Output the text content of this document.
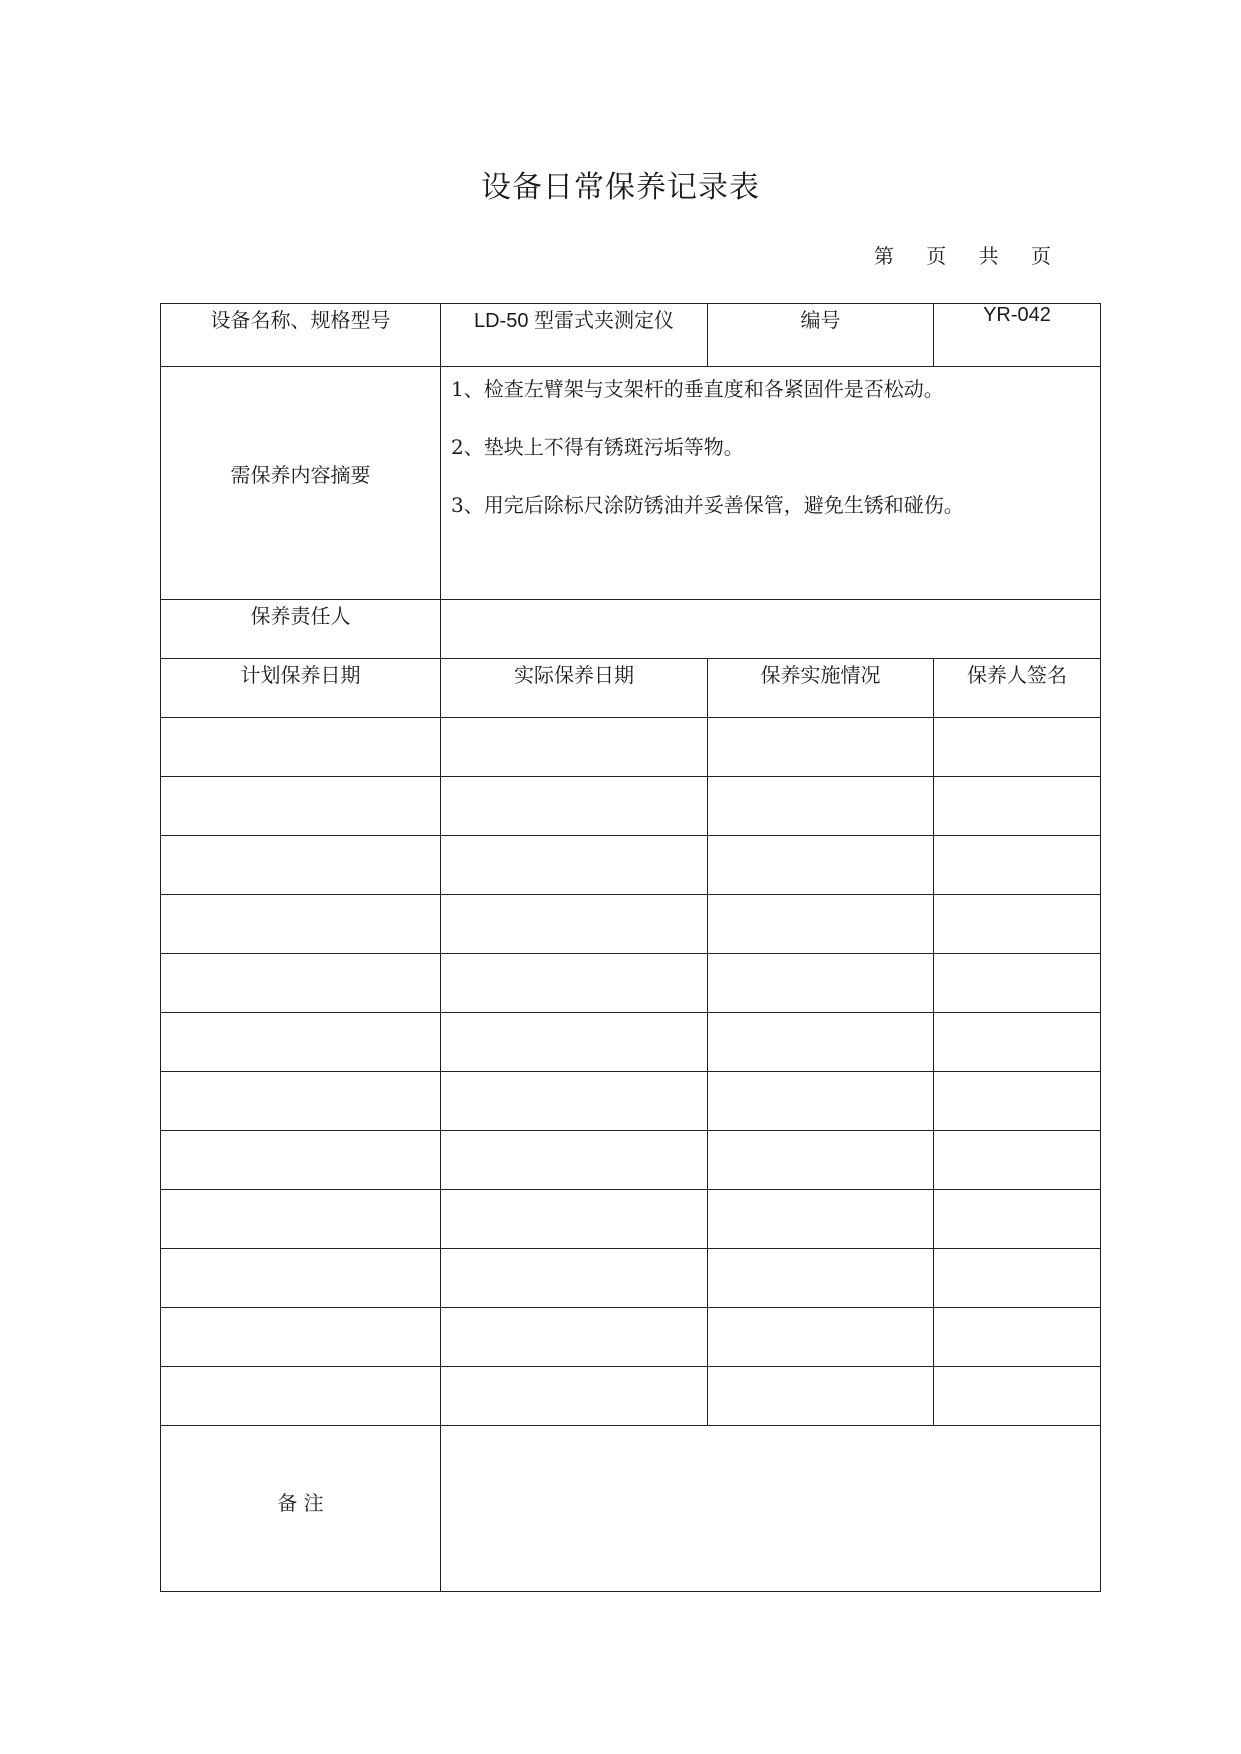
设备日常保养记录表
第 页 共 页
设备名称、规格型号	LD-50 型雷式夹测定仪	编号	YR-042
需保养内容摘要	1、检查左臂架与支架杆的垂直度和各紧固件是否松动。
2、垫块上不得有锈斑污垢等物。
3、用完后除标尺涂防锈油并妥善保管，避免生锈和碰伤。		

保养责任人			
计划保养日期	实际保养日期	保养实施情况	保养人签名

备 注			
